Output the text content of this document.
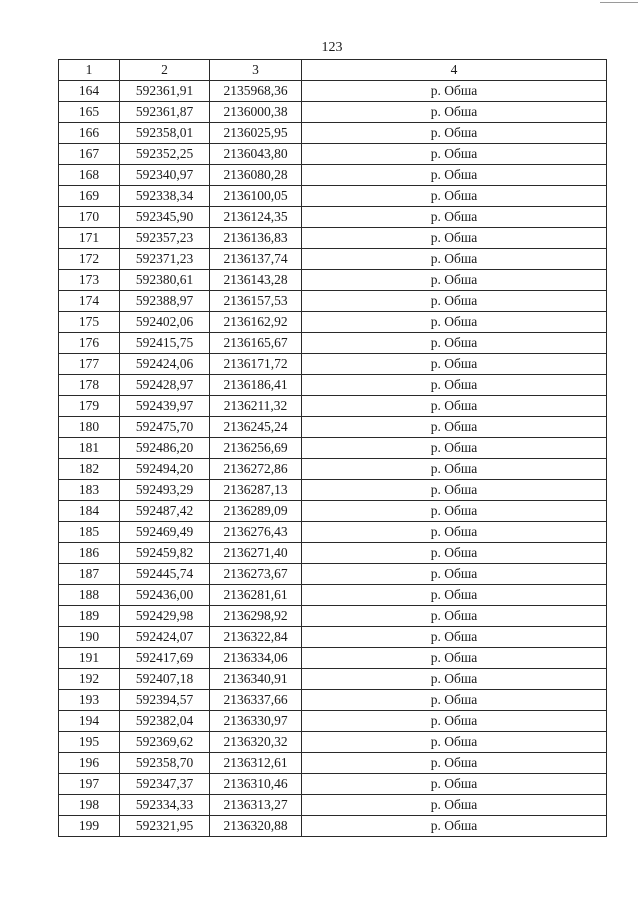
123
1	2	3	4
164	592361,91	2135968,36	р. Обша
165	592361,87	2136000,38	р. Обша
166	592358,01	2136025,95	р. Обша
167	592352,25	2136043,80	р. Обша
168	592340,97	2136080,28	р. Обша
169	592338,34	2136100,05	р. Обша
170	592345,90	2136124,35	р. Обша
171	592357,23	2136136,83	р. Обша
172	592371,23	2136137,74	р. Обша
173	592380,61	2136143,28	р. Обша
174	592388,97	2136157,53	р. Обша
175	592402,06	2136162,92	р. Обша
176	592415,75	2136165,67	р. Обша
177	592424,06	2136171,72	р. Обша
178	592428,97	2136186,41	р. Обша
179	592439,97	2136211,32	р. Обша
180	592475,70	2136245,24	р. Обша
181	592486,20	2136256,69	р. Обша
182	592494,20	2136272,86	р. Обша
183	592493,29	2136287,13	р. Обша
184	592487,42	2136289,09	р. Обша
185	592469,49	2136276,43	р. Обша
186	592459,82	2136271,40	р. Обша
187	592445,74	2136273,67	р. Обша
188	592436,00	2136281,61	р. Обша
189	592429,98	2136298,92	р. Обша
190	592424,07	2136322,84	р. Обша
191	592417,69	2136334,06	р. Обша
192	592407,18	2136340,91	р. Обша
193	592394,57	2136337,66	р. Обша
194	592382,04	2136330,97	р. Обша
195	592369,62	2136320,32	р. Обша
196	592358,70	2136312,61	р. Обша
197	592347,37	2136310,46	р. Обша
198	592334,33	2136313,27	р. Обша
199	592321,95	2136320,88	р. Обша
